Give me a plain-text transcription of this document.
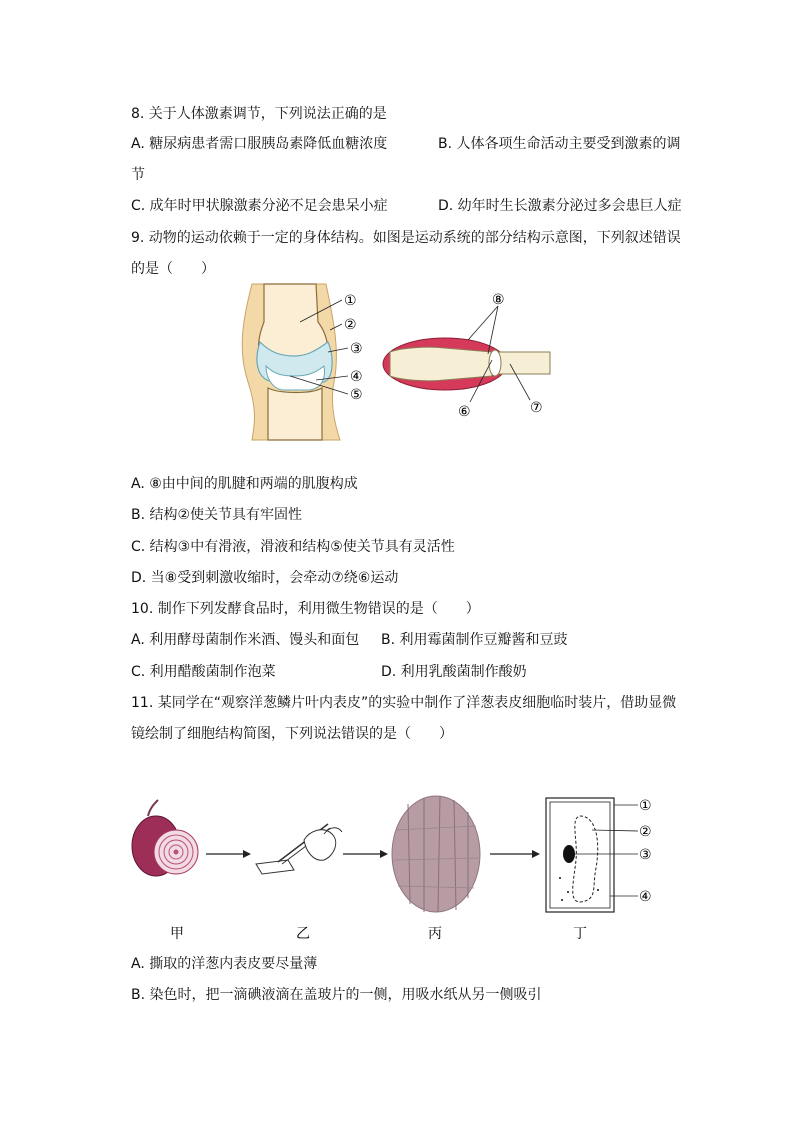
8. 关于人体激素调节，下列说法正确的是
A. 糖尿病患者需口服胰岛素降低血糖浓度	B. 人体各项生命活动主要受到激素的调
节
C. 成年时甲状腺激素分泌不足会患呆小症	D. 幼年时生长激素分泌过多会患巨人症
9. 动物的运动依赖于一定的身体结构。如图是运动系统的部分结构示意图，下列叙述错误
的是（　　）
①
②
③
④
⑤
⑧
⑥	⑦
A. ⑧由中间的肌腱和两端的肌腹构成
B. 结构②使关节具有牢固性
C. 结构③中有滑液，滑液和结构⑤使关节具有灵活性
D. 当⑧受到刺激收缩时，会牵动⑦绕⑥运动
10. 制作下列发酵食品时，利用微生物错误的是（　　）
A. 利用酵母菌制作米酒、馒头和面包 B. 利用霉菌制作豆瓣酱和豆豉
C. 利用醋酸菌制作泡菜	D. 利用乳酸菌制作酸奶
11. 某同学在“观察洋葱鳞片叶内表皮”的实验中制作了洋葱表皮细胞临时装片，借助显微
镜绘制了细胞结构简图，下列说法错误的是（　　）
①
②
③
④
甲	乙	丙	丁
A. 撕取的洋葱内表皮要尽量薄
B. 染色时，把一滴碘液滴在盖玻片的一侧，用吸水纸从另一侧吸引
